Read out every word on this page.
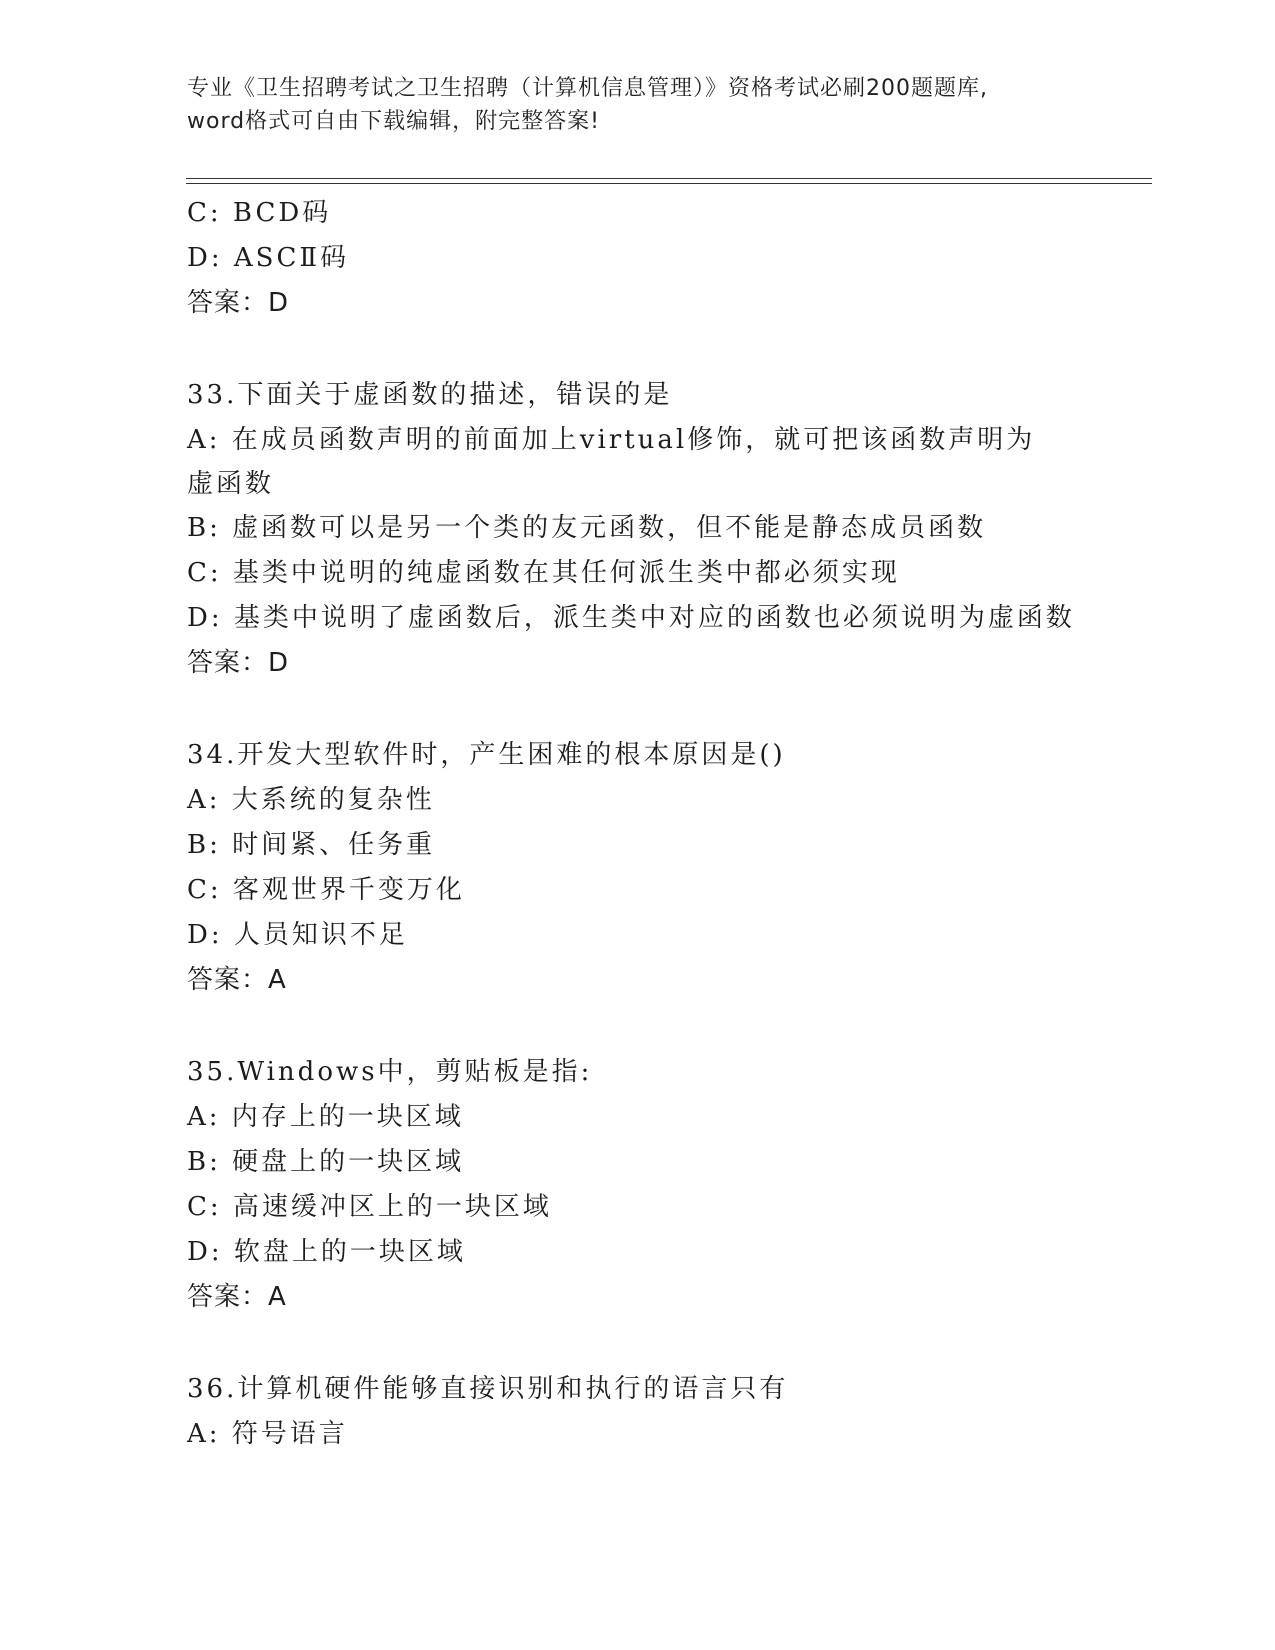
专业《卫生招聘考试之卫生招聘（计算机信息管理）》资格考试必刷200题题库,
word格式可自由下载编辑，附完整答案!
C: BCD码
D: ASCⅡ码
答案：D
33.下面关于虚函数的描述，错误的是
A: 在成员函数声明的前面加上virtual修饰，就可把该函数声明为虚函数
B: 虚函数可以是另一个类的友元函数，但不能是静态成员函数
C: 基类中说明的纯虚函数在其任何派生类中都必须实现
D: 基类中说明了虚函数后，派生类中对应的函数也必须说明为虚函数
答案：D
34.开发大型软件时，产生困难的根本原因是()
A: 大系统的复杂性
B: 时间紧、任务重
C: 客观世界千变万化
D: 人员知识不足
答案：A
35.Windows中，剪贴板是指:
A: 内存上的一块区域
B: 硬盘上的一块区域
C: 高速缓冲区上的一块区域
D: 软盘上的一块区域
答案：A
36.计算机硬件能够直接识别和执行的语言只有
A: 符号语言
